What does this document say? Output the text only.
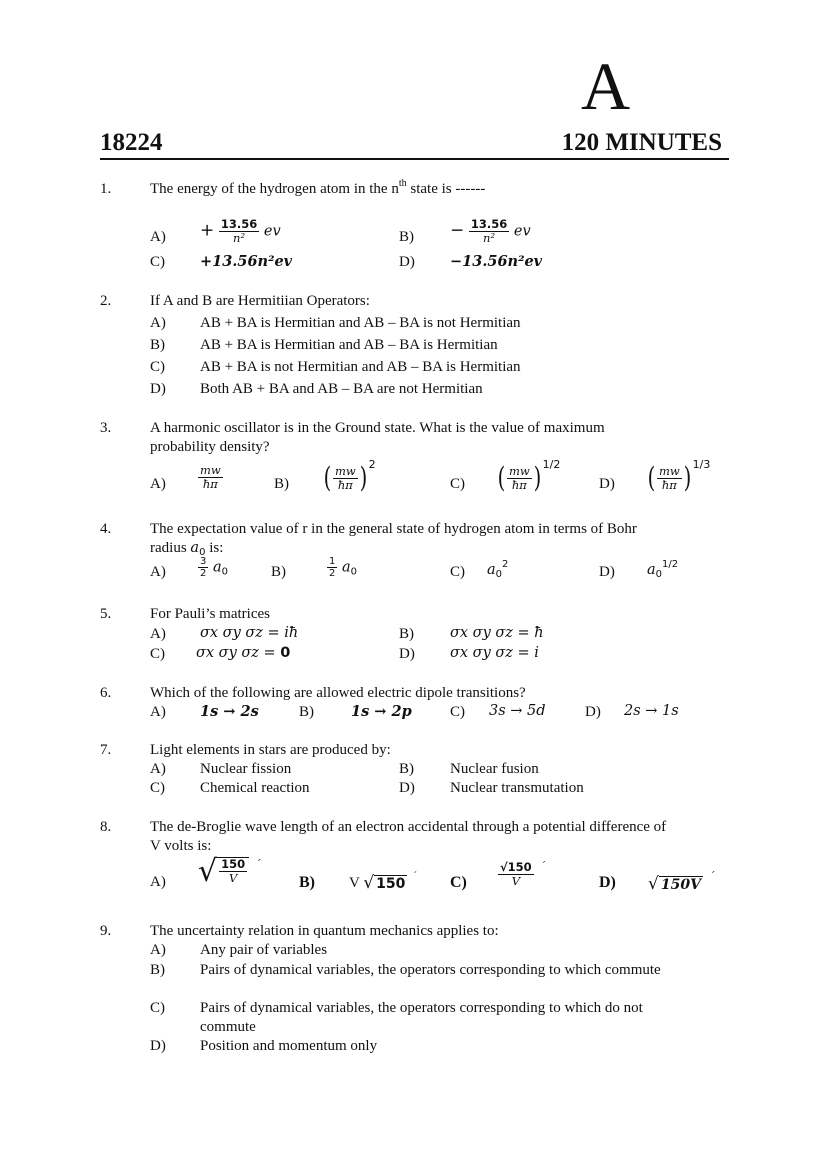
A
18224	120 MINUTES
1.	The energy of the hydrogen atom in the $n^{th}$ state is ------
$A) + \frac{13.56}{\text{n²}}$ ev	$B) - \frac{13.56}{\text{n²}}$ ev
C) +13.56n²ev	D) −13.56n²ev
2.	If A and B are Hermitiian Operators:
A) AB + BA is Hermitian and AB – BA is not Hermitian
B) AB + BA is Hermitian and AB – BA is Hermitian
C) AB + BA is not Hermitian and AB – BA is Hermitian
D) Both AB + BA and AB – BA are not Hermitian
3.	A harmonic oscillator is in the Ground state. What is the value of maximum
probability density?
A)	$\frac{mw}{ħ\pi}$	B) ( $\frac{mw}{ħ\pi}$ ) $^2$
C) ( $\frac{mw}{ħ\pi}$ ) $^{1/2}$
D) ( $\frac{mw}{ħ\pi}$ ) $^{1/3}$
4.	The expectation value of r in the general state of hydrogen atom in terms of Bohr
radius $a_0$ is:
A)	$\frac{3}{2} a_0$	B)	$\frac{1}{2} a_0$	C) $a_0^2$	D) $a_0^{1/2}$
5.	For Pauli’s matrices
A) σx σy σz = iħ	B) σx σy σz = ħ
C) σx σy σz = 0	D) σx σy σz = i
6.	Which of the following are allowed electric dipole transitions?
A) 1s → 2s	B)	1s → 2p	C) 3s → 5d	D) 2s → 1s
7.	Light elements in stars are produced by:
A) Nuclear fission	B) Nuclear fusion
C) Chemical reaction	D) Nuclear transmutation
8.	The de-Broglie wave length of an electron accidental through a potential difference of
V volts is:
A) √ $\frac{150}{V} ^´$
B) V √ 150
´ C)	$\frac{√150}{V} ^´$
D) √ 150V ´
9.	The uncertainty relation in quantum mechanics applies to:
A) Any pair of variables
B) Pairs of dynamical variables, the operators corresponding to which commute
C) Pairs of dynamical variables, the operators corresponding to which do not
commute
D) Position and momentum only
